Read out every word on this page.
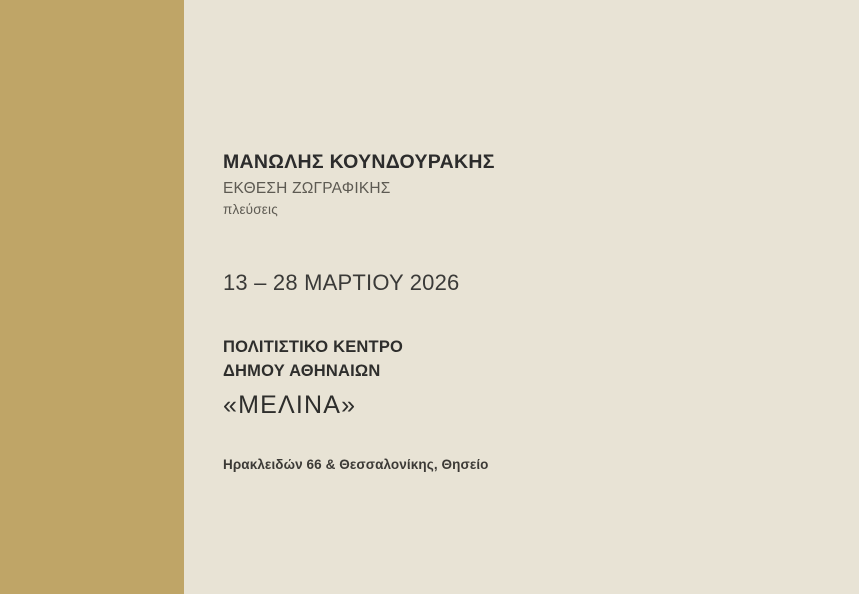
ΜΑΝΩΛΗΣ ΚΟΥΝΔΟΥΡΑΚΗΣ

ΕΚΘΕΣΗ ΖΩΓΡΑΦΙΚΗΣ

πλεύσεις

13 – 28 ΜΑΡΤΙΟΥ 2026

ΠΟΛΙΤΙΣΤΙΚΟ ΚΕΝΤΡΟ
ΔΗΜΟΥ ΑΘΗΝΑΙΩΝ
«ΜΕΛΙΝΑ»

Ηρακλειδών 66 & Θεσσαλονίκης, Θησείο
